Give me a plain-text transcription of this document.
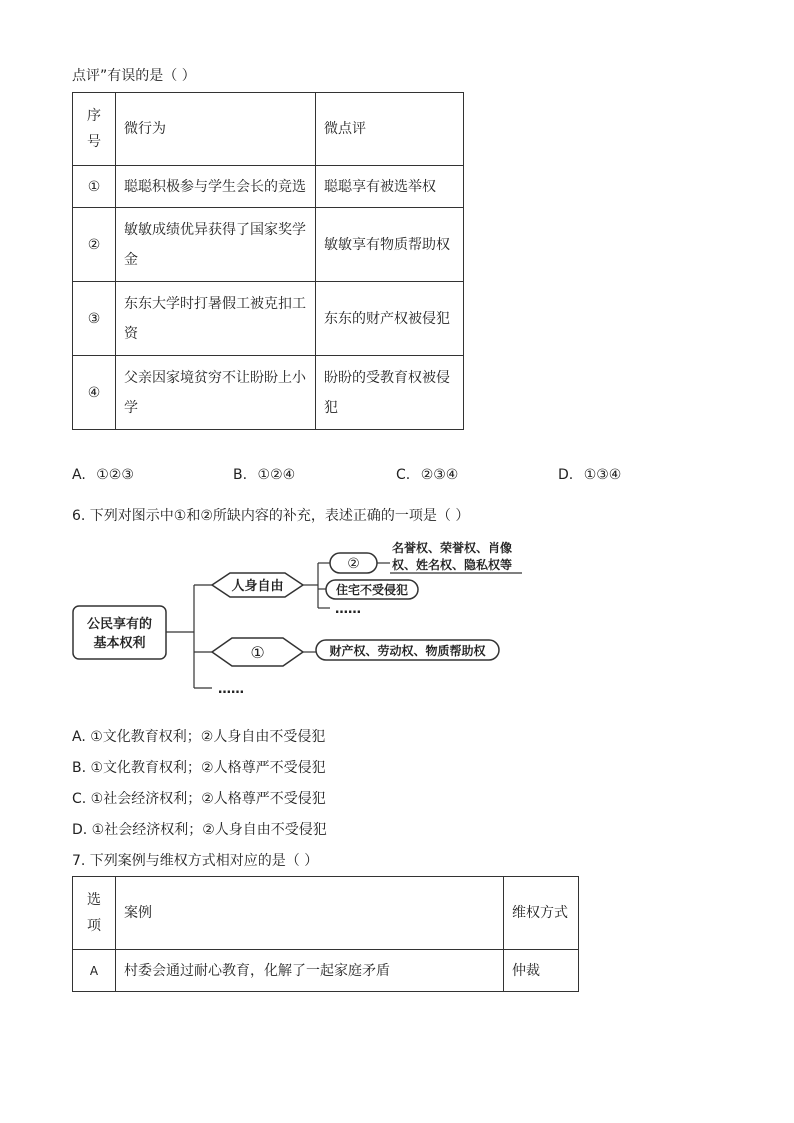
点评”有误的是（ ）
序号	微行为	微点评
①	聪聪积极参与学生会长的竞选	聪聪享有被选举权
②	敏敏成绩优异获得了国家奖学金	敏敏享有物质帮助权
③	东东大学时打暑假工被克扣工资	东东的财产权被侵犯
④	父亲因家境贫穷不让盼盼上小学	盼盼的受教育权被侵犯
A. ①②③	B. ①②④	C. ②③④	D. ①③④
6. 下列对图示中①和②所缺内容的补充，表述正确的一项是（ ）
公民享有的
基本权利
……
人身自由
②
名誉权、荣誉权、肖像
权、姓名权、隐私权等
住宅不受侵犯
……
①	财产权、劳动权、物质帮助权
A. ①文化教育权利；②人身自由不受侵犯
B. ①文化教育权利；②人格尊严不受侵犯
C. ①社会经济权利；②人格尊严不受侵犯
D. ①社会经济权利；②人身自由不受侵犯
7. 下列案例与维权方式相对应的是（ ）
选项	案例	维权方式
A	村委会通过耐心教育，化解了一起家庭矛盾	仲裁
